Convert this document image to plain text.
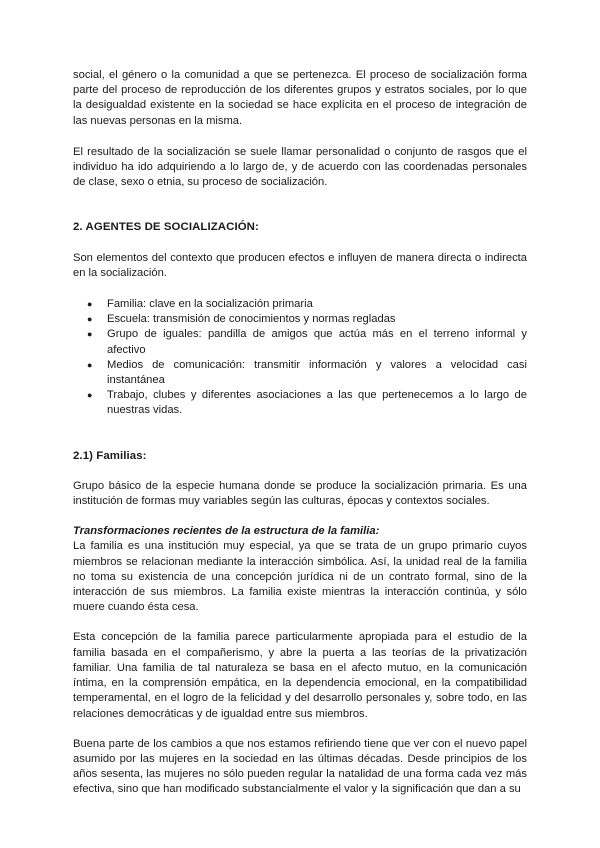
social, el género o la comunidad a que se pertenezca. El proceso de socialización forma parte del proceso de reproducción de los diferentes grupos y estratos sociales, por lo que la desigualdad existente en la sociedad se hace explícita en el proceso de integración de las nuevas personas en la misma.

El resultado de la socialización se suele llamar personalidad o conjunto de rasgos que el individuo ha ido adquiriendo a lo largo de, y de acuerdo con las coordenadas personales de clase, sexo o etnia, su proceso de socialización.

2. AGENTES DE SOCIALIZACIÓN:

Son elementos del contexto que producen efectos e influyen de manera directa o indirecta en la socialización.

● Familia: clave en la socialización primaria
● Escuela: transmisión de conocimientos y normas regladas
● Grupo de iguales: pandilla de amigos que actúa más en el terreno informal y afectivo
● Medios de comunicación: transmitir información y valores a velocidad casi instantánea
● Trabajo, clubes y diferentes asociaciones a las que pertenecemos a lo largo de nuestras vidas.

2.1) Familias:

Grupo básico de la especie humana donde se produce la socialización primaria. Es una institución de formas muy variables según las culturas, épocas y contextos sociales.

Transformaciones recientes de la estructura de la familia:

La familia es una institución muy especial, ya que se trata de un grupo primario cuyos miembros se relacionan mediante la interacción simbólica. Así, la unidad real de la familia no toma su existencia de una concepción jurídica ni de un contrato formal, sino de la interacción de sus miembros. La familia existe mientras la interacción continúa, y sólo muere cuando ésta cesa.

Esta concepción de la familia parece particularmente apropiada para el estudio de la familia basada en el compañerismo, y abre la puerta a las teorías de la privatización familiar. Una familia de tal naturaleza se basa en el afecto mutuo, en la comunicación íntima, en la comprensión empática, en la dependencia emocional, en la compatibilidad temperamental, en el logro de la felicidad y del desarrollo personales y, sobre todo, en las relaciones democráticas y de igualdad entre sus miembros.

Buena parte de los cambios a que nos estamos refiriendo tiene que ver con el nuevo papel asumido por las mujeres en la sociedad en las últimas décadas. Desde principios de los años sesenta, las mujeres no sólo pueden regular la natalidad de una forma cada vez más efectiva, sino que han modificado substancialmente el valor y la significación que dan a su
